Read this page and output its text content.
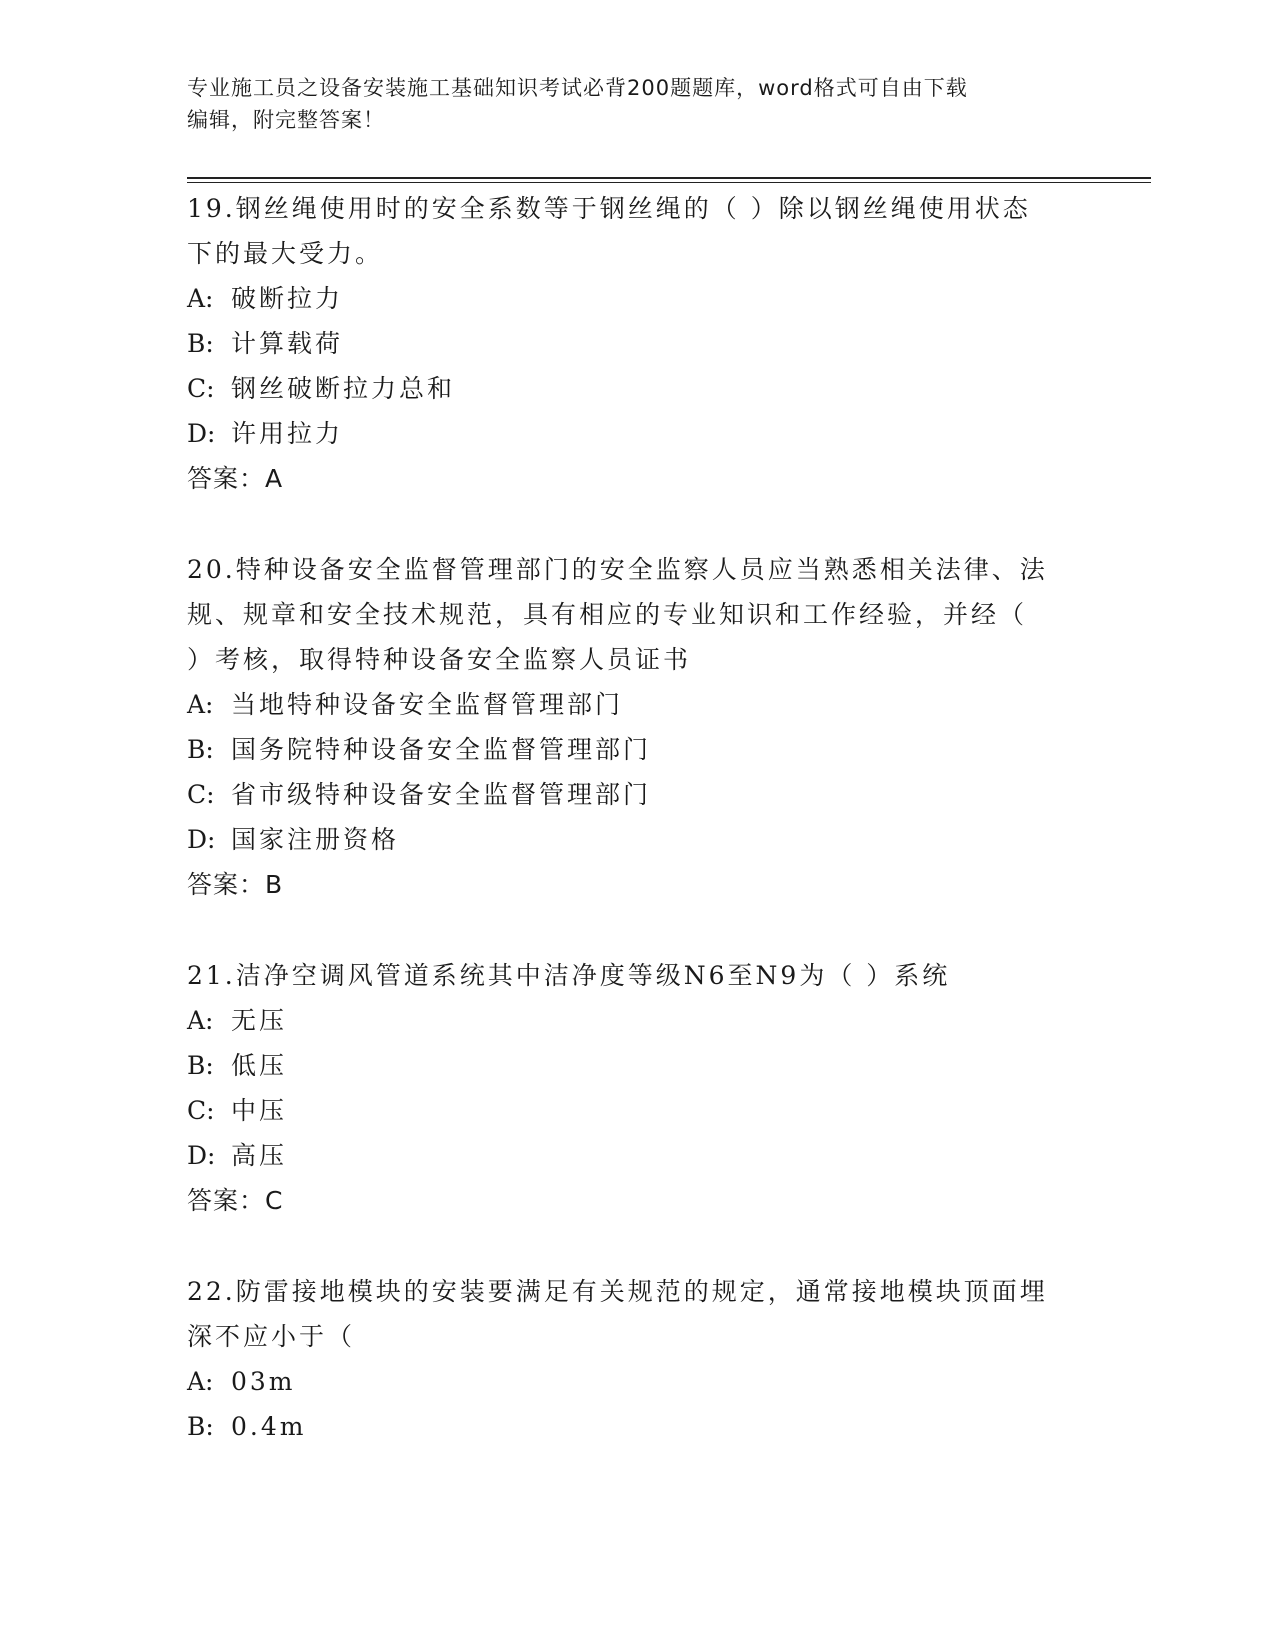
专业施工员之设备安装施工基础知识考试必背200题题库，word格式可自由下载
编辑，附完整答案！

19.钢丝绳使用时的安全系数等于钢丝绳的（ ）除以钢丝绳使用状态

下的最大受力。

A: 破断拉力

B: 计算载荷

C: 钢丝破断拉力总和

D: 许用拉力

答案：A

20.特种设备安全监督管理部门的安全监察人员应当熟悉相关法律、法

规、规章和安全技术规范，具有相应的专业知识和工作经验，并经（

）考核，取得特种设备安全监察人员证书

A: 当地特种设备安全监督管理部门

B: 国务院特种设备安全监督管理部门

C: 省市级特种设备安全监督管理部门

D: 国家注册资格

答案：B

21.洁净空调风管道系统其中洁净度等级N6至N9为（ ）系统

A: 无压

B: 低压

C: 中压

D: 高压

答案：C

22.防雷接地模块的安装要满足有关规范的规定，通常接地模块顶面埋

深不应小于（

A: 03m

B: 0.4m
